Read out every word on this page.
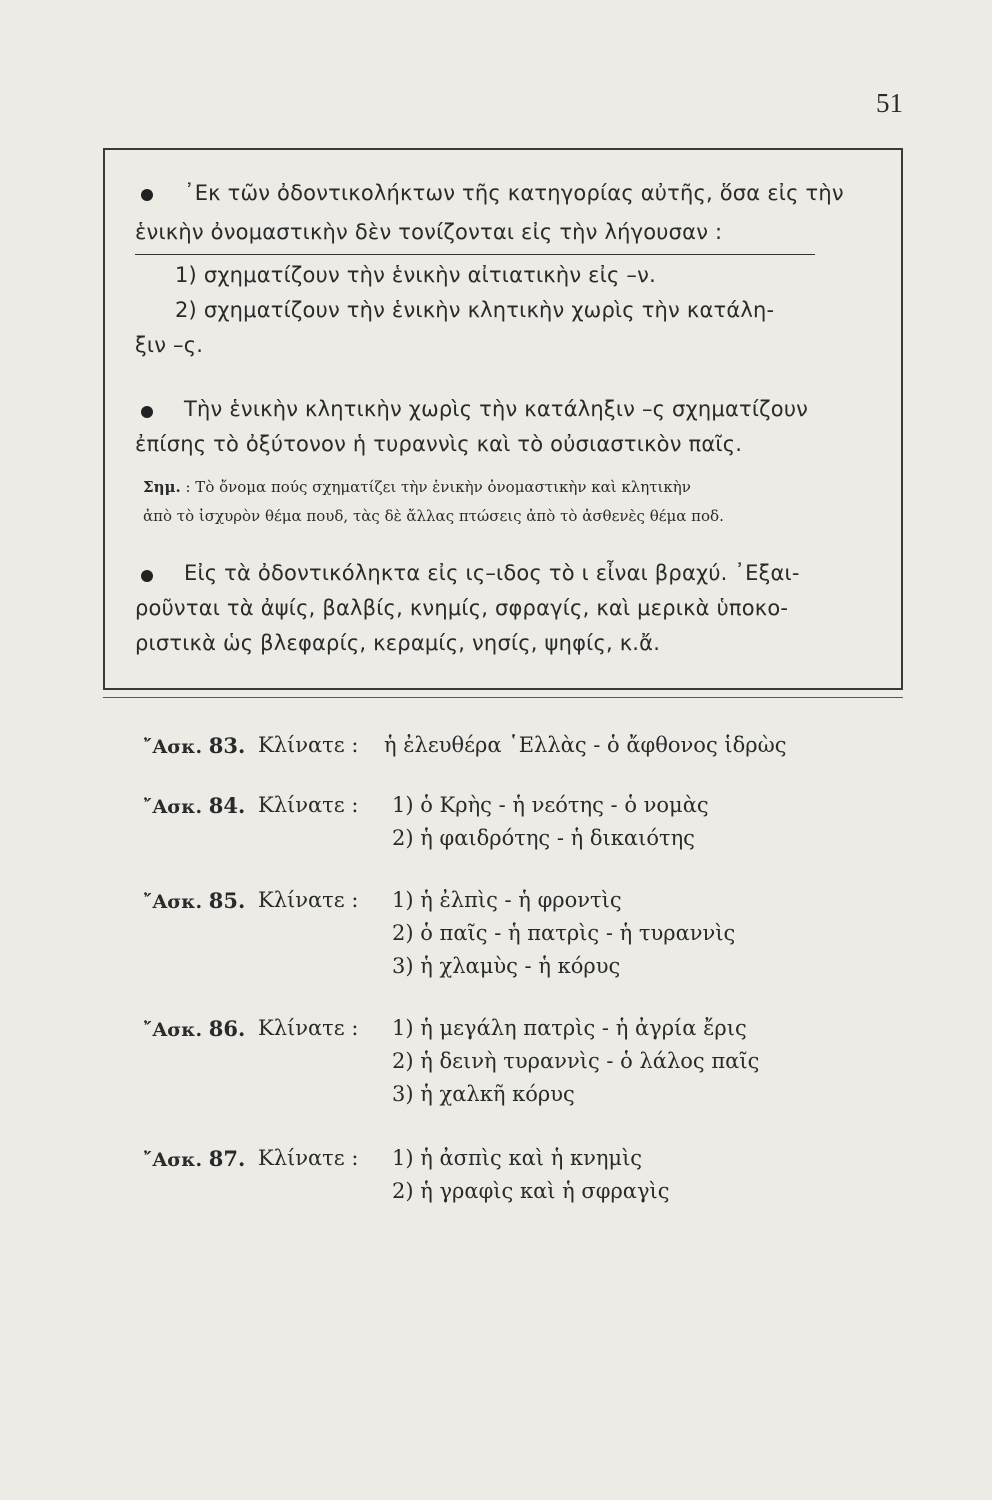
51
᾿Εκ τῶν ὀδοντικολήκτων τῆς κατηγορίας αὐτῆς, ὅσα εἰς τὴν
ἑνικὴν ὀνομαστικὴν δὲν τονίζονται εἰς τὴν λήγουσαν :
1) σχηματίζουν τὴν ἑνικὴν αἰτιατικὴν εἰς –ν.
2) σχηματίζουν τὴν ἑνικὴν κλητικὴν χωρὶς τὴν κατάλη-
ξιν –ς.
Τὴν ἑνικὴν κλητικὴν χωρὶς τὴν κατάληξιν –ς σχηματίζουν
ἐπίσης τὸ ὀξύτονον ἡ τυραννὶς καὶ τὸ οὐσιαστικὸν παῖς.
Σημ. : Τὸ ὄνομα πούς σχηματίζει τὴν ἑνικὴν ὀνομαστικὴν καὶ κλητικὴν
ἀπὸ τὸ ἰσχυρὸν θέμα πουδ, τὰς δὲ ἄλλας πτώσεις ἀπὸ τὸ ἀσθενὲς θέμα ποδ.
Εἰς τὰ ὀδοντικόληκτα εἰς ις–ιδος τὸ ι εἶναι βραχύ. ᾿Εξαι-
ροῦνται τὰ ἀψίς, βαλβίς, κνημίς, σφραγίς, καὶ μερικὰ ὑποκο-
ριστικὰ ὡς βλεφαρίς, κεραμίς, νησίς, ψηφίς, κ.ἄ.
῎Ασκ. 83. Κλίνατε : ἡ ἐλευθέρα ῾Ελλὰς - ὁ ἄφθονος ἱδρὼς
῎Ασκ. 84. Κλίνατε : 1) ὁ Κρὴς - ἡ νεότης - ὁ νομὰς
2) ἡ φαιδρότης - ἡ δικαιότης
῎Ασκ. 85. Κλίνατε : 1) ἡ ἐλπὶς - ἡ φροντὶς
2) ὁ παῖς - ἡ πατρὶς - ἡ τυραννὶς
3) ἡ χλαμὺς - ἡ κόρυς
῎Ασκ. 86. Κλίνατε : 1) ἡ μεγάλη πατρὶς - ἡ ἀγρία ἔρις
2) ἡ δεινὴ τυραννὶς - ὁ λάλος παῖς
3) ἡ χαλκῆ κόρυς
῎Ασκ. 87. Κλίνατε : 1) ἡ ἀσπὶς καὶ ἡ κνημὶς
2) ἡ γραφὶς καὶ ἡ σφραγὶς
